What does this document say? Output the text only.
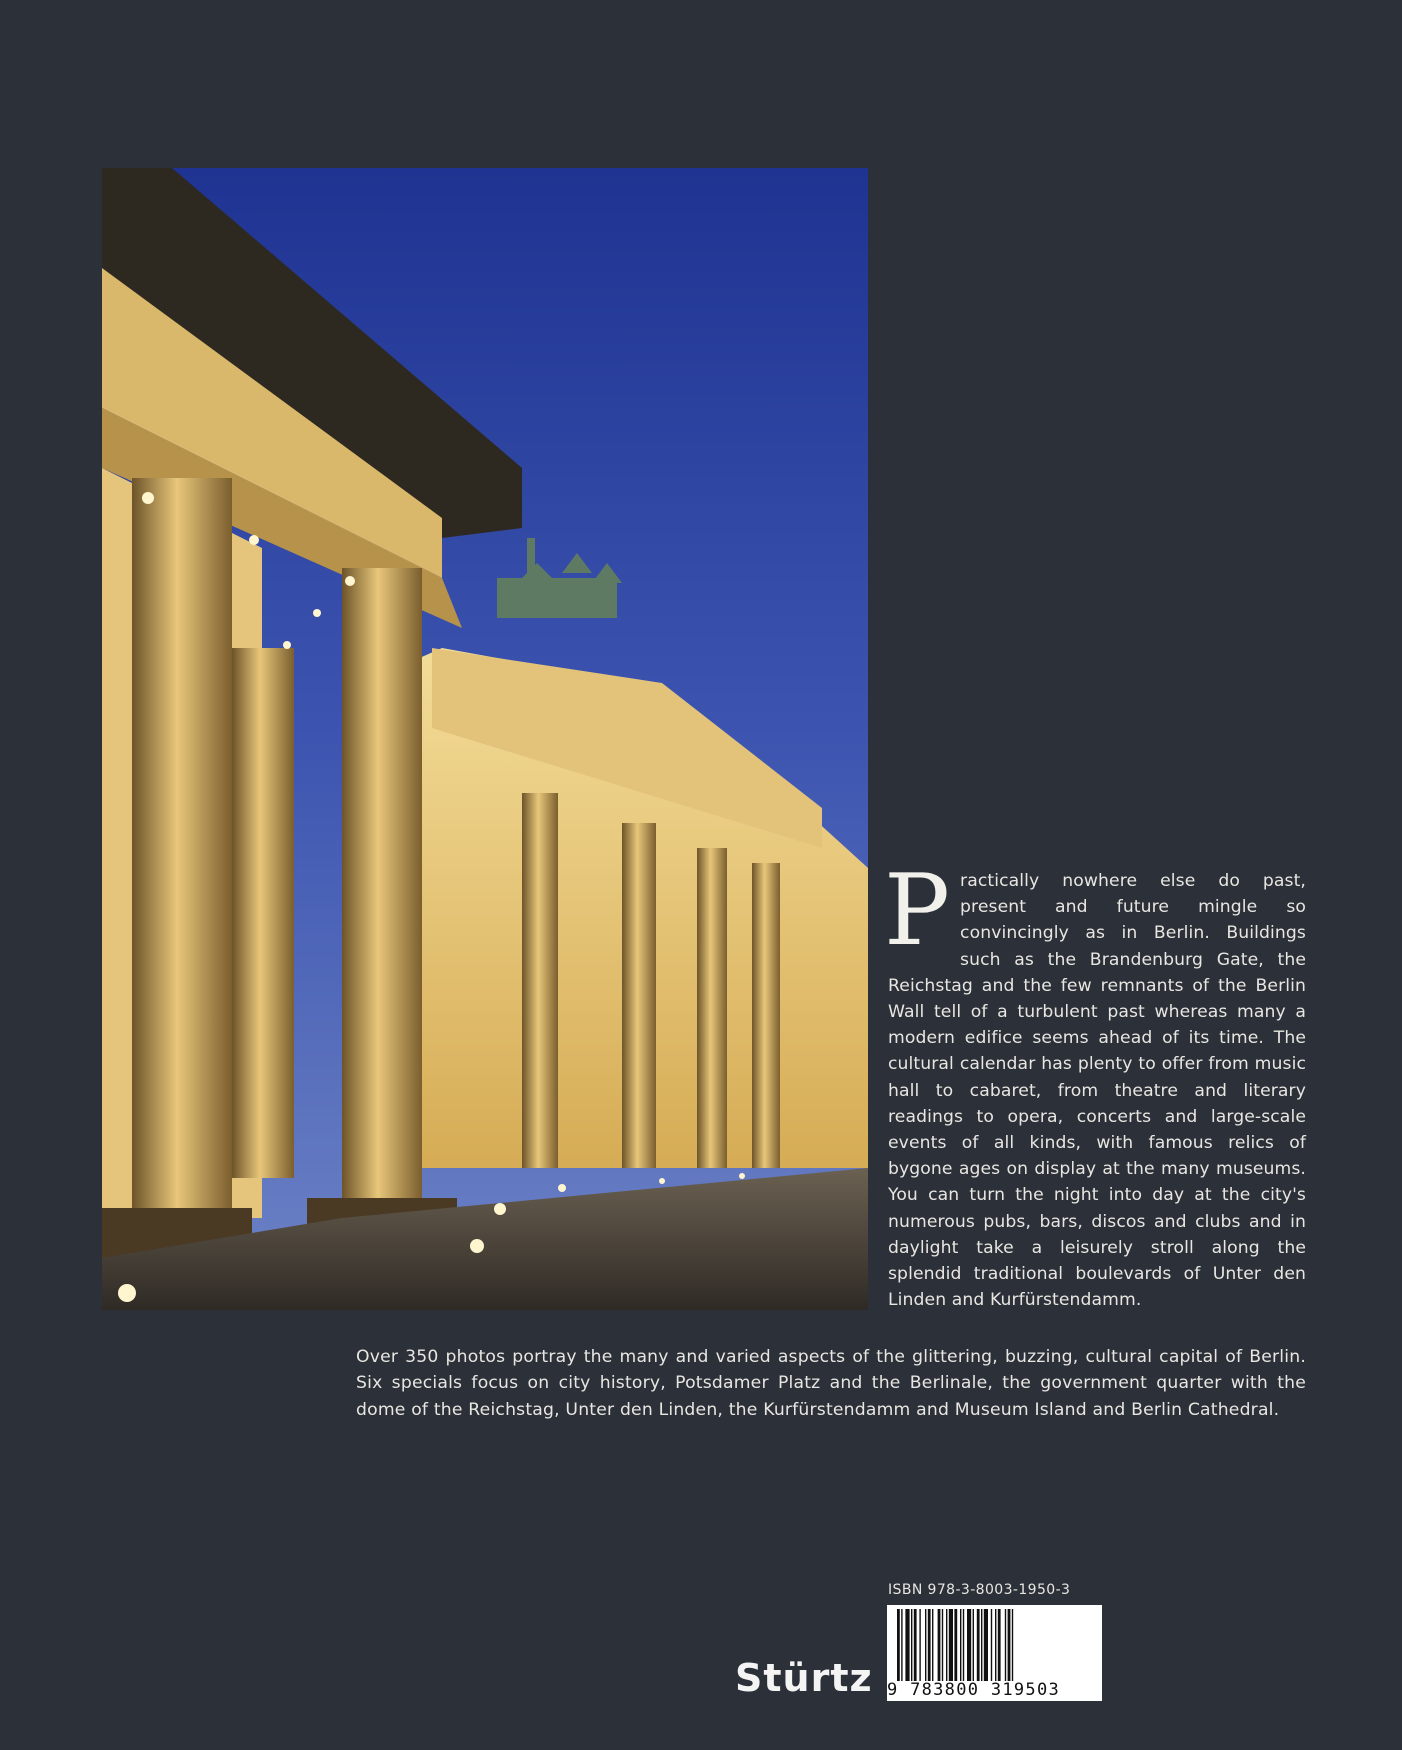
Practically nowhere else do past, present and future mingle so convincingly as in Berlin. Buildings such as the Brandenburg Gate, the Reichstag and the few remnants of the Berlin Wall tell of a turbulent past whereas many a modern edifice seems ahead of its time. The cultural calendar has plenty to offer from music hall to cabaret, from theatre and literary readings to opera, concerts and large-scale events of all kinds, with famous relics of bygone ages on display at the many museums. You can turn the night into day at the city's numerous pubs, bars, discos and clubs and in daylight take a leisurely stroll along the splendid traditional boulevards of Unter den Linden and Kurfürstendamm.

Over 350 photos portray the many and varied aspects of the glittering, buzzing, cultural capital of Berlin. Six specials focus on city history, Potsdamer Platz and the Berlinale, the government quarter with the dome of the Reichstag, Unter den Linden, the Kurfürstendamm and Museum Island and Berlin Cathedral.

ISBN 978-3-8003-1950-3
9 783800 319503
Stürtz
